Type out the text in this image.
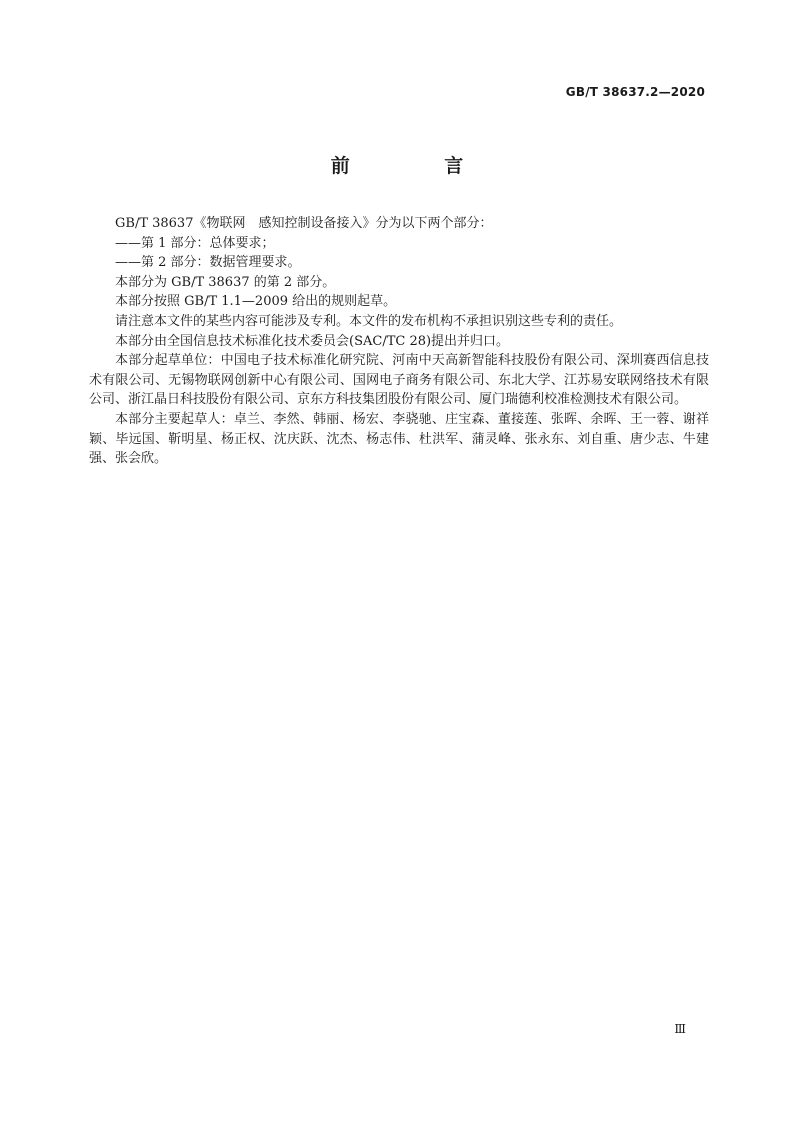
GB/T 38637.2—2020
前 言

GB/T 38637《物联网　感知控制设备接入》分为以下两个部分：

——第 1 部分：总体要求；

——第 2 部分：数据管理要求。

本部分为 GB/T 38637 的第 2 部分。

本部分按照 GB/T 1.1—2009 给出的规则起草。

请注意本文件的某些内容可能涉及专利。本文件的发布机构不承担识别这些专利的责任。

本部分由全国信息技术标准化技术委员会(SAC/TC 28)提出并归口。

本部分起草单位：中国电子技术标准化研究院、河南中天高新智能科技股份有限公司、深圳赛西信息技术有限公司、无锡物联网创新中心有限公司、国网电子商务有限公司、东北大学、江苏易安联网络技术有限公司、浙江晶日科技股份有限公司、京东方科技集团股份有限公司、厦门瑞德利校准检测技术有限公司。

本部分主要起草人：卓兰、李然、韩丽、杨宏、李骁驰、庄宝森、董接莲、张晖、余晖、王一蓉、谢祥颖、毕远国、靳明星、杨正权、沈庆跃、沈杰、杨志伟、杜洪军、蒲灵峰、张永东、刘自重、唐少志、牛建强、张会欣。

Ⅲ
